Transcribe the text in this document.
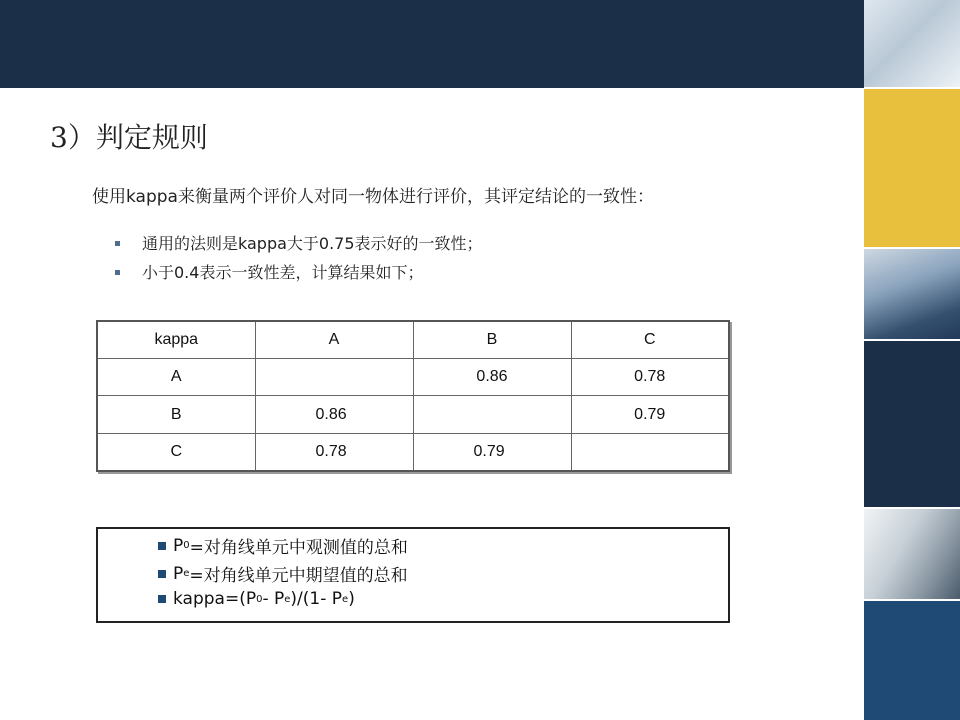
3）判定规则
使用kappa来衡量两个评价人对同一物体进行评价，其评定结论的一致性：
通用的法则是kappa大于0.75表示好的一致性；
小于0.4表示一致性差，计算结果如下；
kappa	A	B	C
A		0.86	0.78
B	0.86		0.79
C	0.78	0.79	
P 0 =对角线单元中观测值的总和
P e =对角线单元中期望值的总和
kappa=(P 0 - P e )/(1- P e )
